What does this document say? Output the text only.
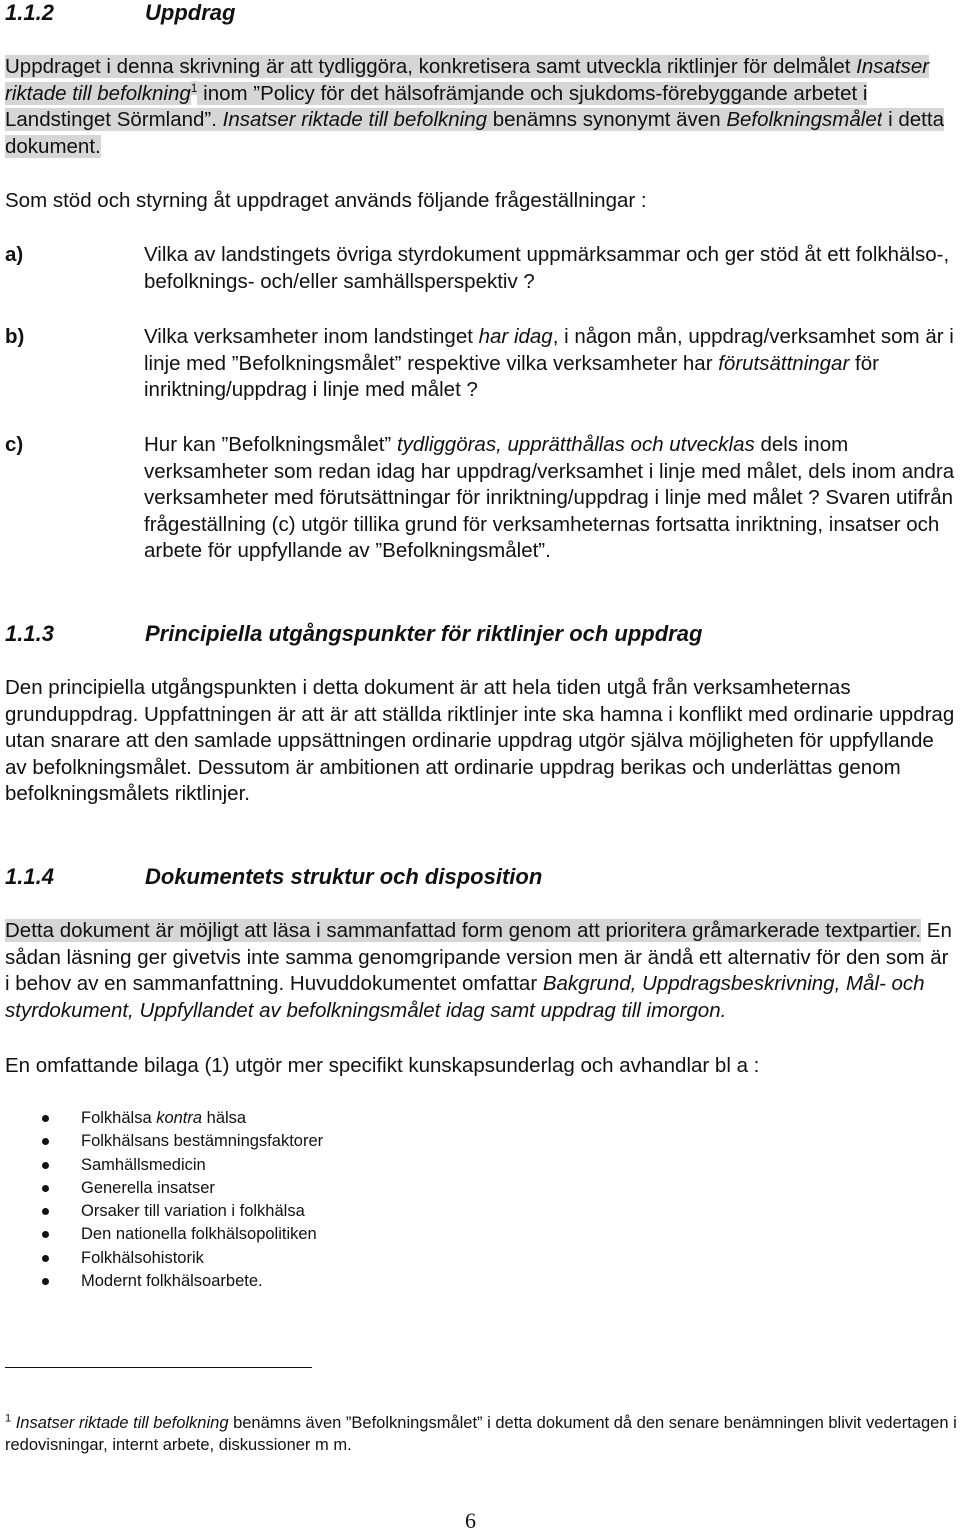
1.1.2	Uppdrag
Uppdraget i denna skrivning är att tydliggöra, konkretisera samt utveckla riktlinjer för delmålet Insatser riktade till befolkning$^1$ inom ”Policy för det hälsofrämjande och sjukdoms-förebyggande arbetet i Landstinget Sörmland”. Insatser riktade till befolkning benämns synonymt även Befolkningsmålet i detta dokument.
Som stöd och styrning åt uppdraget används följande frågeställningar :
a)	Vilka av landstingets övriga styrdokument uppmärksammar och ger stöd åt ett folkhälso-, befolknings- och/eller samhällsperspektiv ?
b)	Vilka verksamheter inom landstinget har idag, i någon mån, uppdrag/verksamhet som är i linje med ”Befolkningsmålet” respektive vilka verksamheter har förutsättningar för inriktning/uppdrag i linje med målet ?
c)	Hur kan ”Befolkningsmålet” tydliggöras, upprätthållas och utvecklas dels inom verksamheter som redan idag har uppdrag/verksamhet i linje med målet, dels inom andra verksamheter med förutsättningar för inriktning/uppdrag i linje med målet ? Svaren utifrån frågeställning (c) utgör tillika grund för verksamheternas fortsatta inriktning, insatser och arbete för uppfyllande av ”Befolkningsmålet”.
1.1.3	Principiella utgångspunkter för riktlinjer och uppdrag
Den principiella utgångspunkten i detta dokument är att hela tiden utgå från verksamheternas grunduppdrag. Uppfattningen är att är att ställda riktlinjer inte ska hamna i konflikt med ordinarie uppdrag utan snarare att den samlade uppsättningen ordinarie uppdrag utgör själva möjligheten för uppfyllande av befolkningsmålet. Dessutom är ambitionen att ordinarie uppdrag berikas och underlättas genom befolkningsmålets riktlinjer.
1.1.4	Dokumentets struktur och disposition
Detta dokument är möjligt att läsa i sammanfattad form genom att prioritera gråmarkerade textpartier. En sådan läsning ger givetvis inte samma genomgripande version men är ändå ett alternativ för den som är i behov av en sammanfattning. Huvuddokumentet omfattar Bakgrund, Uppdragsbeskrivning, Mål- och styrdokument, Uppfyllandet av befolkningsmålet idag samt uppdrag till imorgon.
En omfattande bilaga (1) utgör mer specifikt kunskapsunderlag och avhandlar bl a :
Folkhälsa kontra hälsa
Folkhälsans bestämningsfaktorer
Samhällsmedicin
Generella insatser
Orsaker till variation i folkhälsa
Den nationella folkhälsopolitiken
Folkhälsohistorik
Modernt folkhälsoarbete.
$^1$ Insatser riktade till befolkning benämns även ”Befolkningsmålet” i detta dokument då den senare benämningen blivit vedertagen i redovisningar, internt arbete, diskussioner m m.
6
